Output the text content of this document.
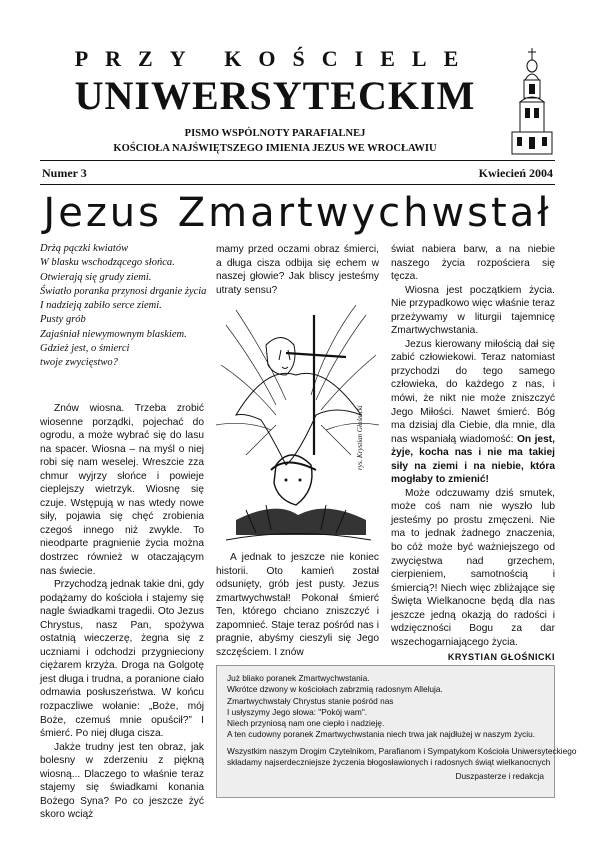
PRZY KOŚCIELE
UNIWERSYTECKIM
PISMO WSPÓLNOTY PARAFIALNEJ
KOŚCIOŁA NAJŚWIĘTSZEGO IMIENIA JEZUS WE WROCŁAWIU
Numer 3	Kwiecień 2004
Jezus Zmartwychwstał
Drżą pączki kwiatów
W blasku wschodzącego słońca.
Otwierają się grudy ziemi.
Światło poranka przynosi drganie życia
I nadzieją zabiło serce ziemi.
Pusty grób
Zajaśniał niewymownym blaskiem.
Gdzież jest, o śmierci
twoje zwycięstwo?

Znów wiosna. Trzeba zrobić wiosenne porządki, pojechać do ogrodu, a może wybrać się do lasu na spacer. Wiosna – na myśl o niej robi się nam weselej. Wreszcie zza chmur wyjrzy słońce i powieje cieplejszy wietrzyk. Wiosnę się czuje. Wstępują w nas wtedy nowe siły, pojawia się chęć zrobienia czegoś innego niż zwykle. To nieodparte pragnienie życia można dostrzec również w otaczającym nas świecie.

Przychodzą jednak takie dni, gdy podążamy do kościoła i stajemy się nagle świadkami tragedii. Oto Jezus Chrystus, nasz Pan, spożywa ostatnią wieczerzę, żegna się z uczniami i odchodzi przygnieciony ciężarem krzyża. Droga na Golgotę jest długa i trudna, a poranione ciało odmawia posłuszeństwa. W końcu rozpaczliwe wołanie: „Boże, mój Boże, czemuś mnie opuścił?” I śmierć. Po niej długa cisza.

Jakże trudny jest ten obraz, jak bolesny w zderzeniu z piękną wiosną... Dlaczego to właśnie teraz stajemy się świadkami konania Bożego Syna? Po co jeszcze żyć skoro wciąż

mamy przed oczami obraz śmierci, a długa cisza odbija się echem w naszej głowie? Jak bliscy jesteśmy utraty sensu?

rys. Krystian Głośnicki

A jednak to jeszcze nie koniec historii. Oto kamień został odsunięty, grób jest pusty. Jezus zmartwychwstał! Pokonał śmierć Ten, którego chciano zniszczyć i zapomnieć. Staje teraz pośród nas i pragnie, abyśmy cieszyli się Jego szczęściem. I znów

świat nabiera barw, a na niebie naszego życia rozpościera się tęcza.

Wiosna jest początkiem życia. Nie przypadkowo więc właśnie teraz przeżywamy w liturgii tajemnicę Zmartwychwstania.

Jezus kierowany miłością dał się zabić człowiekowi. Teraz natomiast przychodzi do tego samego człowieka, do każdego z nas, i mówi, że nikt nie może zniszczyć Jego Miłości. Nawet śmierć. Bóg ma dzisiaj dla Ciebie, dla mnie, dla nas wspaniałą wiadomość: On jest, żyje, kocha nas i nie ma takiej siły na ziemi i na niebie, która mogłaby to zmienić!

Może odczuwamy dziś smutek, może coś nam nie wyszło lub jesteśmy po prostu zmęczeni. Nie ma to jednak żadnego znaczenia, bo cóż może być ważniejszego od zwycięstwa nad grzechem, cierpieniem, samotnością i śmiercią?! Niech więc zbliżające się Święta Wielkanocne będą dla nas jeszcze jedną okazją do radości i wdzięczności Bogu za dar wszechogarniającego życia.

KRYSTIAN GŁOŚNICKI
Już bliako poranek Zmartwychwstania.
Wkrótce dzwony w kościołach zabrzmią radosnym Alleluja.
Zmartwychwstały Chrystus stanie pośród nas
I usłyszymy Jego słowa: "Pokój wam".
Niech przyniosą nam one ciepło i nadzieję.
A ten cudowny poranek Zmartwychwstania niech trwa jak najdłużej w naszym życiu.
Wszystkim naszym Drogim Czytelnikom, Parafianom i Sympatykom Kościoła Uniwersyteckiego
składamy najserdeczniejsze życzenia błogosławionych i radosnych świąt wielkanocnych
Duszpasterze i redakcja
